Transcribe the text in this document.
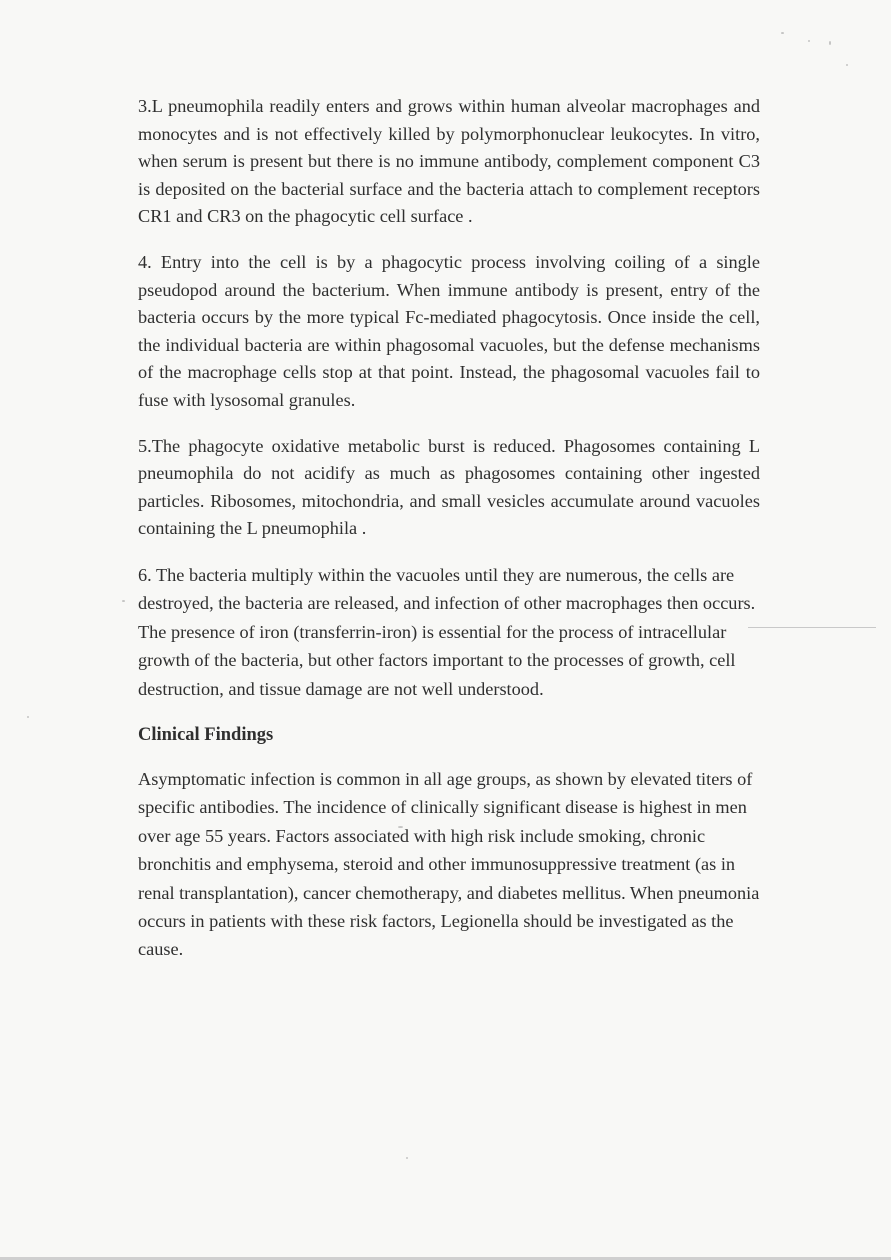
3.L pneumophila readily enters and grows within human alveolar macrophages and monocytes and is not effectively killed by polymorphonuclear leukocytes. In vitro, when serum is present but there is no immune antibody, complement component C3 is deposited on the bacterial surface and the bacteria attach to complement receptors CR1 and CR3 on the phagocytic cell surface .

4. Entry into the cell is by a phagocytic process involving coiling of a single pseudopod around the bacterium. When immune antibody is present, entry of the bacteria occurs by the more typical Fc-mediated phagocytosis. Once inside the cell, the individual bacteria are within phagosomal vacuoles, but the defense mechanisms of the macrophage cells stop at that point. Instead, the phagosomal vacuoles fail to fuse with lysosomal granules.

5.The phagocyte oxidative metabolic burst is reduced. Phagosomes containing L pneumophila do not acidify as much as phagosomes containing other ingested particles. Ribosomes, mitochondria, and small vesicles accumulate around vacuoles containing the L pneumophila .

6. The bacteria multiply within the vacuoles until they are numerous, the cells are destroyed, the bacteria are released, and infection of other macrophages then occurs. The presence of iron (transferrin-iron) is essential for the process of intracellular growth of the bacteria, but other factors important to the processes of growth, cell destruction, and tissue damage are not well understood.

Clinical Findings

Asymptomatic infection is common in all age groups, as shown by elevated titers of specific antibodies. The incidence of clinically significant disease is highest in men over age 55 years. Factors associated with high risk include smoking, chronic bronchitis and emphysema, steroid and other immunosuppressive treatment (as in renal transplantation), cancer chemotherapy, and diabetes mellitus. When pneumonia occurs in patients with these risk factors, Legionella should be investigated as the cause.
